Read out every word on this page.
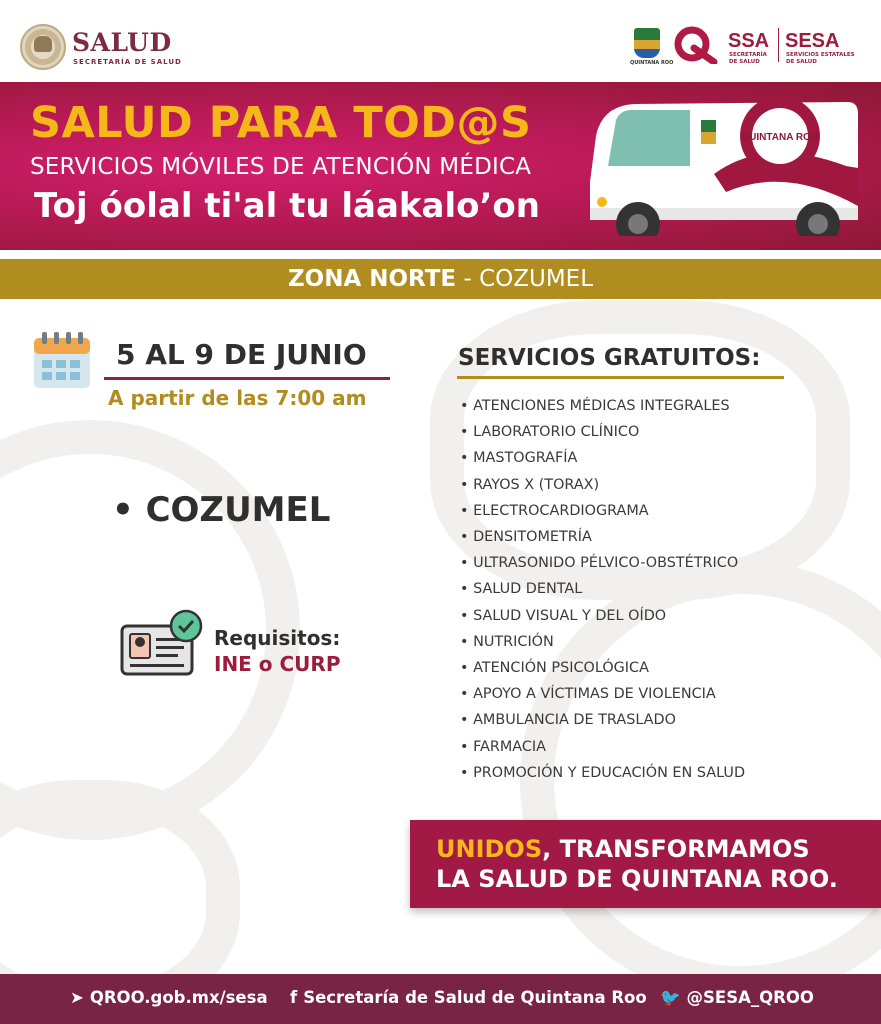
SALUD
SECRETARÍA DE SALUD	QUINTANA ROO
SSA
SECRETARÍA DE SALUD
SESA
SERVICIOS ESTATALES DE SALUD
SALUD PARA TOD@S
SERVICIOS MÓVILES DE ATENCIÓN MÉDICA
Toj óolal ti'al tu láakalo’on
QUINTANA ROO
ZONA NORTE - COZUMEL
5 AL 9 DE JUNIO
A partir de las 7:00 am
• COZUMEL
Requisitos:
INE o CURP
SERVICIOS GRATUITOS:
• ATENCIONES MÉDICAS INTEGRALES
• LABORATORIO CLÍNICO
• MASTOGRAFÍA
• RAYOS X (TORAX)
• ELECTROCARDIOGRAMA
• DENSITOMETRÍA
• ULTRASONIDO PÉLVICO-OBSTÉTRICO
• SALUD DENTAL
• SALUD VISUAL Y DEL OÍDO
• NUTRICIÓN
• ATENCIÓN PSICOLÓGICA
• APOYO A VÍCTIMAS DE VIOLENCIA
• AMBULANCIA DE TRASLADO
• FARMACIA
• PROMOCIÓN Y EDUCACIÓN EN SALUD
UNIDOS, TRANSFORMAMOS
LA SALUD DE QUINTANA ROO.
➤ QROO.gob.mx/sesa f Secretaría de Salud de Quintana Roo 🐦 @SESA_QROO
